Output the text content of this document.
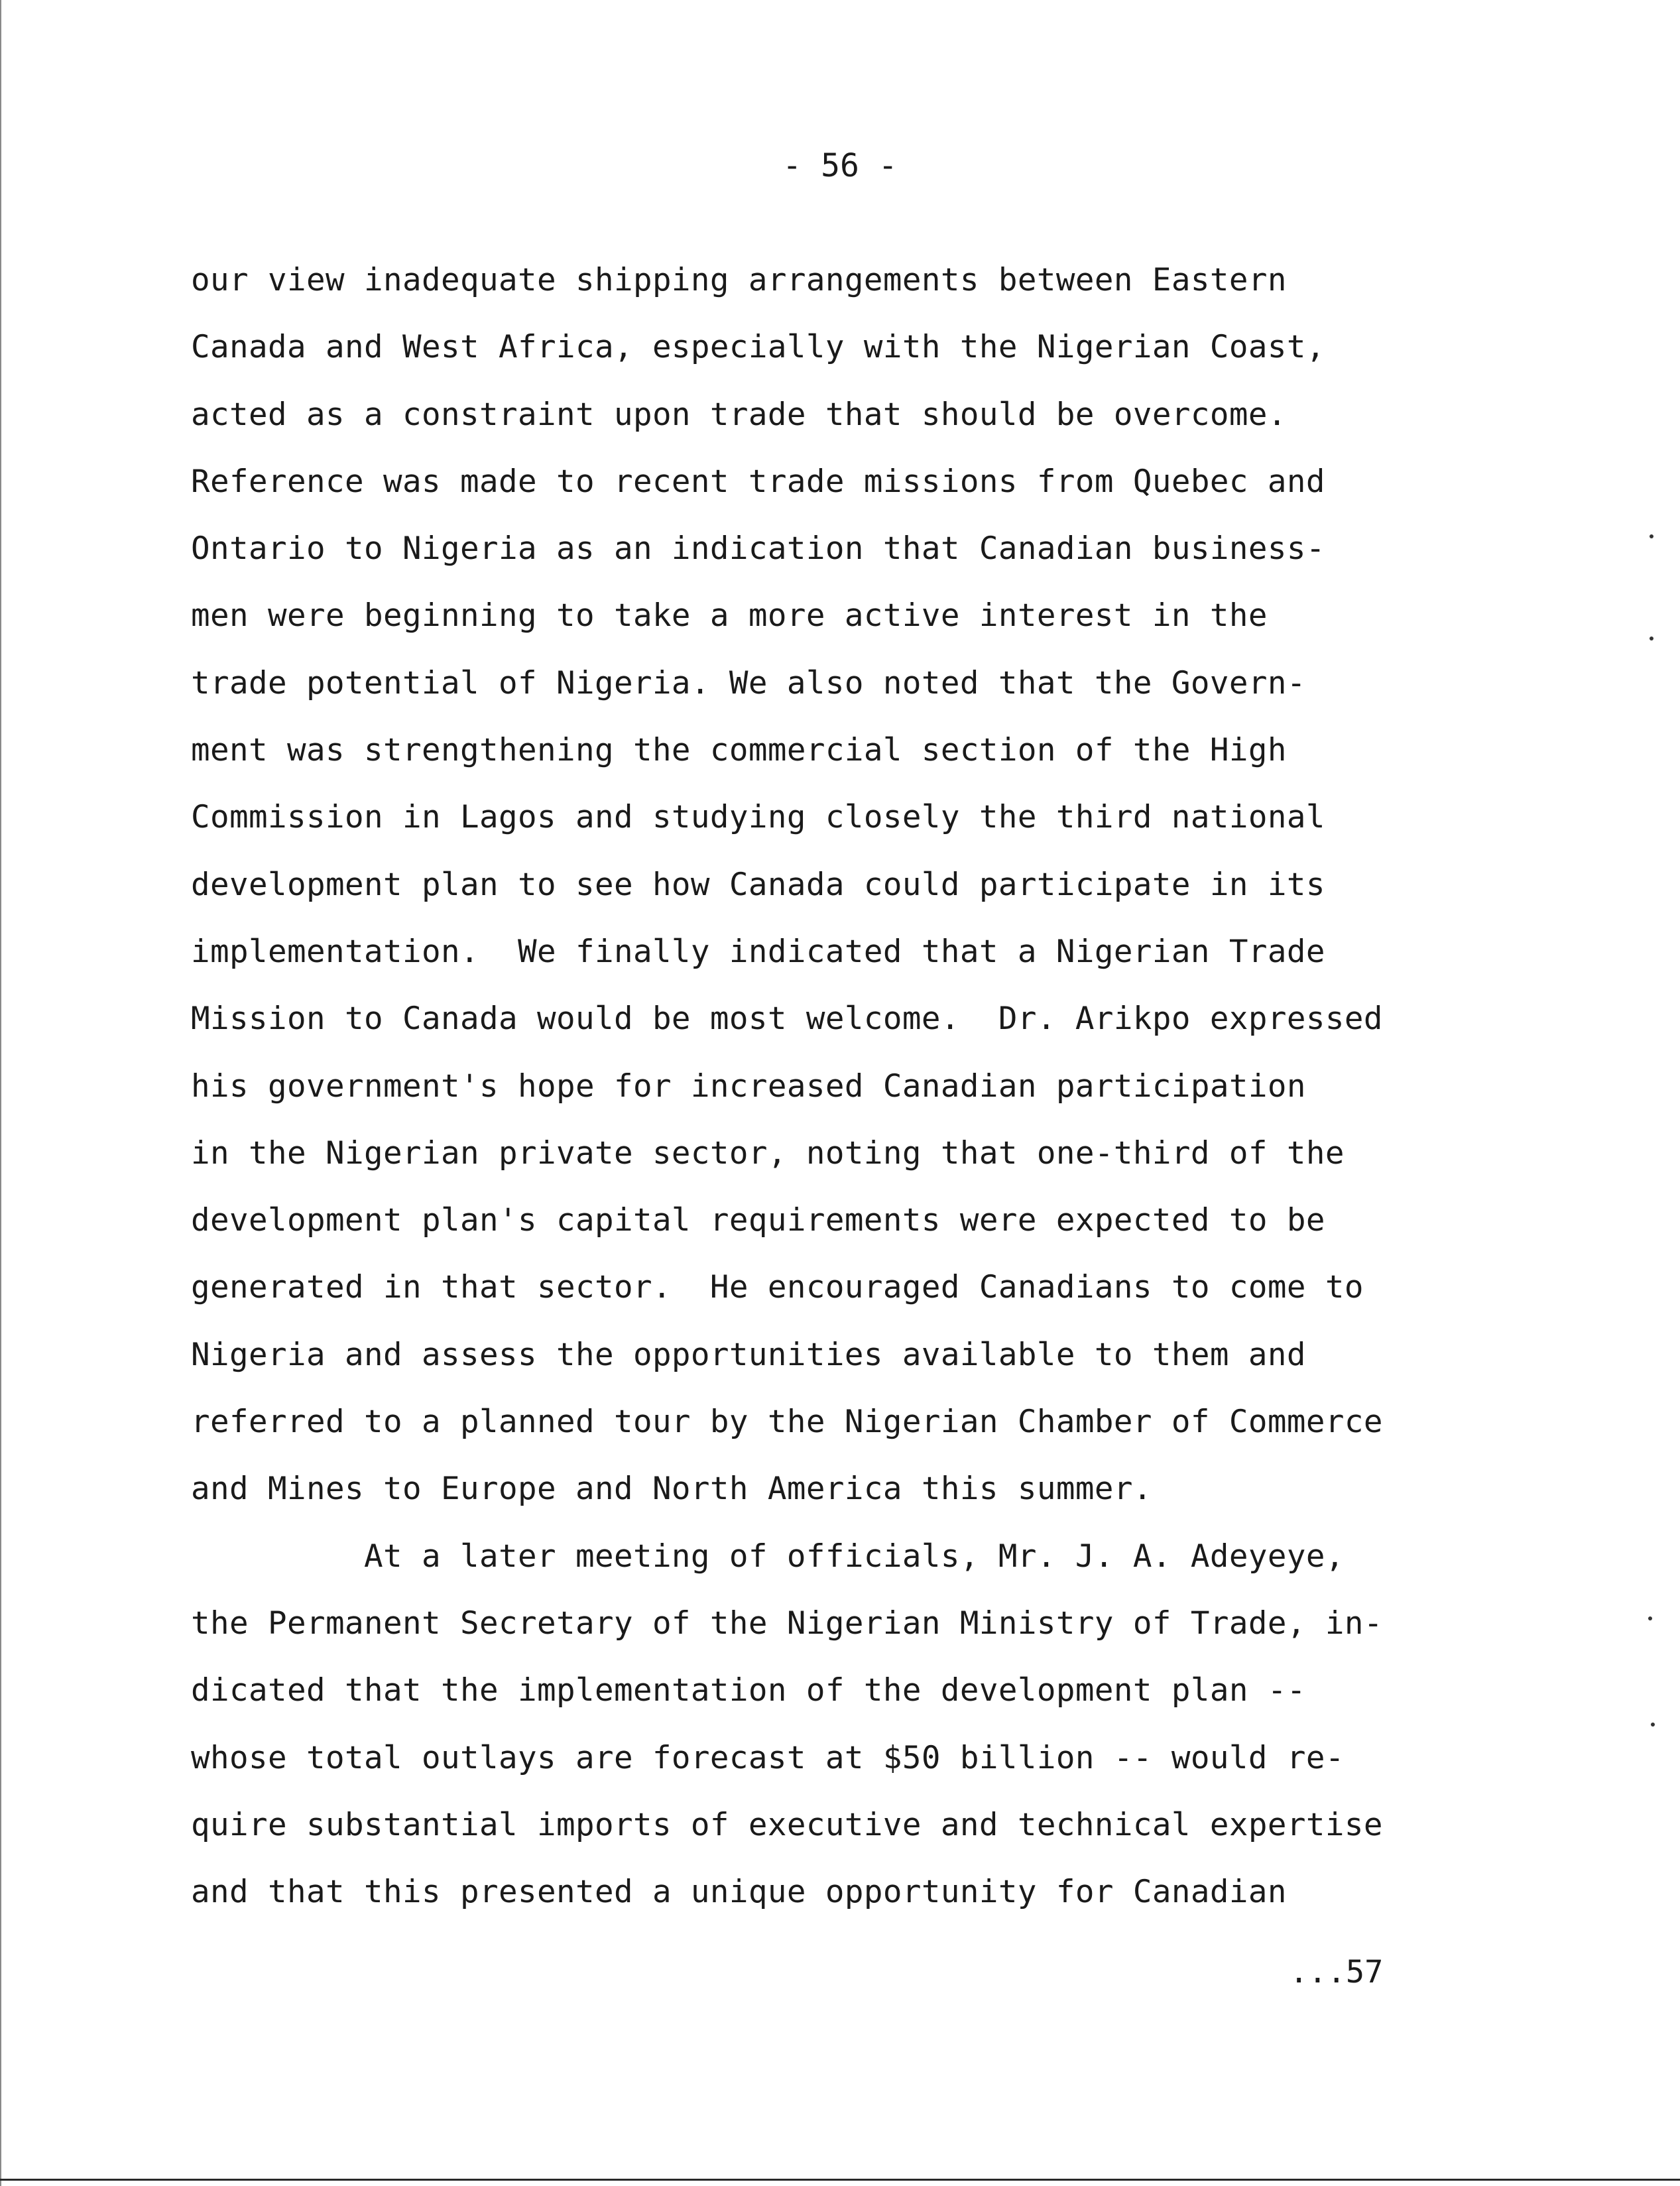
- 56 -
our view inadequate shipping arrangements between Eastern
Canada and West Africa, especially with the Nigerian Coast,
acted as a constraint upon trade that should be overcome.
Reference was made to recent trade missions from Quebec and
Ontario to Nigeria as an indication that Canadian business-
men were beginning to take a more active interest in the
trade potential of Nigeria. We also noted that the Govern-
ment was strengthening the commercial section of the High
Commission in Lagos and studying closely the third national
development plan to see how Canada could participate in its
implementation.  We finally indicated that a Nigerian Trade
Mission to Canada would be most welcome.  Dr. Arikpo expressed
his government's hope for increased Canadian participation
in the Nigerian private sector, noting that one-third of the
development plan's capital requirements were expected to be
generated in that sector.  He encouraged Canadians to come to
Nigeria and assess the opportunities available to them and
referred to a planned tour by the Nigerian Chamber of Commerce
and Mines to Europe and North America this summer.
At a later meeting of officials, Mr. J. A. Adeyeye,
the Permanent Secretary of the Nigerian Ministry of Trade, in-
dicated that the implementation of the development plan --
whose total outlays are forecast at $50 billion -- would re-
quire substantial imports of executive and technical expertise
and that this presented a unique opportunity for Canadian
...57
